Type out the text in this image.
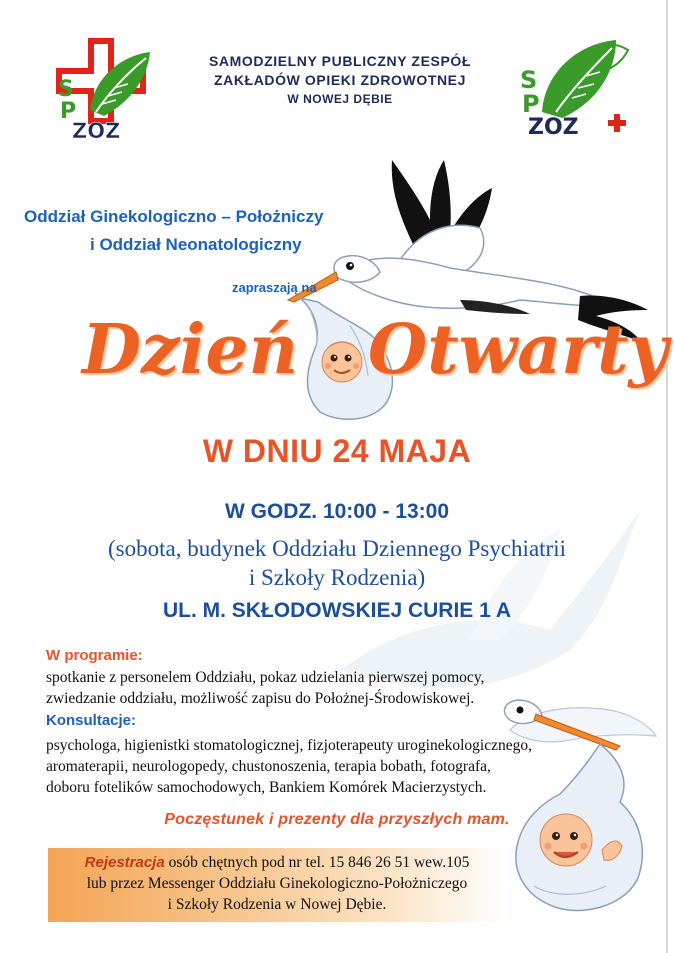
S
P
ZOZ
SAMODZIELNY PUBLICZNY ZESPÓŁ
ZAKŁADÓW OPIEKI ZDROWOTNEJ
W NOWEJ DĘBIE
S
P
ZOZ
Oddział Ginekologiczno – Położniczy
i Oddział Neonatologiczny
zapraszają na
Dzień Otwarty
W DNIU 24 MAJA
W GODZ. 10:00 - 13:00
(sobota, budynek Oddziału Dziennego Psychiatrii
i Szkoły Rodzenia)
UL. M. SKŁODOWSKIEJ CURIE 1 A
W programie:
spotkanie z personelem Oddziału, pokaz udzielania pierwszej pomocy,
zwiedzanie oddziału, możliwość zapisu do Położnej-Środowiskowej.
Konsultacje:
psychologa, higienistki stomatologicznej, fizjoterapeuty uroginekologicznego,
aromaterapii, neurologopedy, chustonoszenia, terapia bobath, fotografa,
doboru fotelików samochodowych, Bankiem Komórek Macierzystych.
Poczęstunek i prezenty dla przyszłych mam.
Rejestracja osób chętnych pod nr tel. 15 846 26 51 wew.105
lub przez Messenger Oddziału Ginekologiczno-Położniczego
i Szkoły Rodzenia w Nowej Dębie.
